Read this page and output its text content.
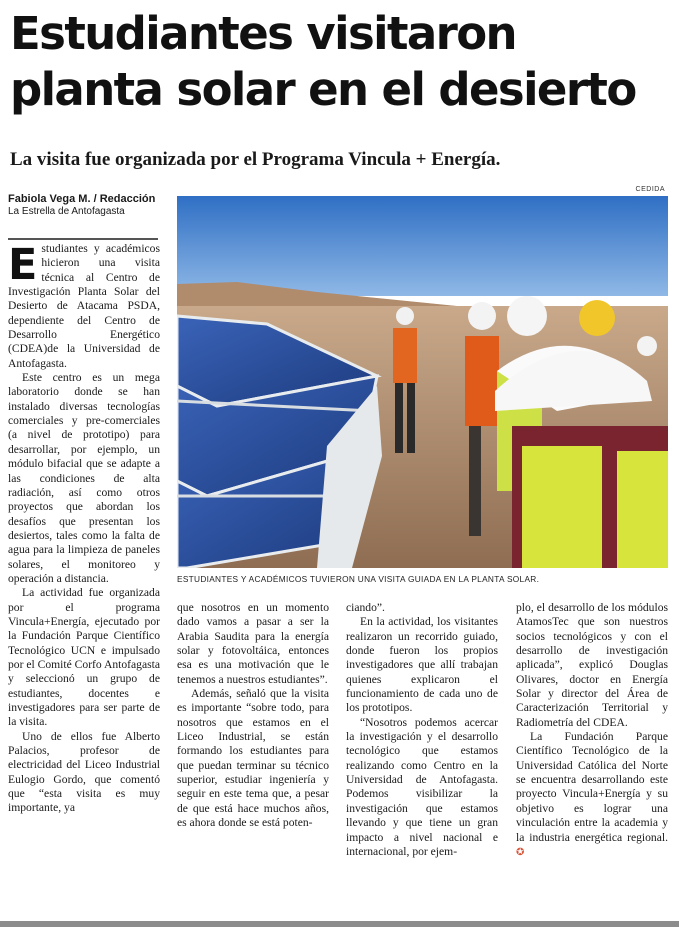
Estudiantes visitaron
planta solar en el desierto
La visita fue organizada por el Programa Vincula + Energía.
Fabiola Vega M. / Redacción
La Estrella de Antofagasta
CEDIDA
ESTUDIANTES Y ACADÉMICOS TUVIERON UNA VISITA GUIADA EN LA PLANTA SOLAR.

Estudiantes y académicos hicieron una visita técnica al Centro de Investigación Planta Solar del Desierto de Atacama PSDA, dependiente del Centro de Desarrollo Energético (CDEA)de la Universidad de Antofagasta.

Este centro es un mega laboratorio donde se han instalado diversas tecnologías comerciales y pre-comerciales (a nivel de prototipo) para desarrollar, por ejemplo, un módulo bifacial que se adapte a las condiciones de alta radiación, así como otros proyectos que abordan los desafíos que presentan los desiertos, tales como la falta de agua para la limpieza de paneles solares, el monitoreo y operación a distancia.

La actividad fue organizada por el programa Vincula+Energía, ejecutado por la Fundación Parque Científico Tecnológico UCN e impulsado por el Comité Corfo Antofagasta y seleccionó un grupo de estudiantes, docentes e investigadores para ser parte de la visita.

Uno de ellos fue Alberto Palacios, profesor de electricidad del Liceo Industrial Eulogio Gordo, que comentó que “esta visita es muy importante, ya

que nosotros en un momento dado vamos a pasar a ser la Arabia Saudita para la energía solar y fotovoltáica, entonces esa es una motivación que le tenemos a nuestros estudiantes”.

Además, señaló que la visita es importante “sobre todo, para nosotros que estamos en el Liceo Industrial, se están formando los estudiantes para que puedan terminar su técnico superior, estudiar ingeniería y seguir en este tema que, a pesar de que está hace muchos años, es ahora donde se está poten-

ciando”.

En la actividad, los visitantes realizaron un recorrido guiado, donde fueron los propios investigadores que allí trabajan quienes explicaron el funcionamiento de cada uno de los prototipos.

“Nosotros podemos acercar la investigación y el desarrollo tecnológico que estamos realizando como Centro en la Universidad de Antofagasta. Podemos visibilizar la investigación que estamos llevando y que tiene un gran impacto a nivel nacional e internacional, por ejem-

plo, el desarrollo de los módulos AtamosTec que son nuestros socios tecnológicos y con el desarrollo de investigación aplicada”, explicó Douglas Olivares, doctor en Energía Solar y director del Área de Caracterización Territorial y Radiometría del CDEA.

La Fundación Parque Científico Tecnológico de la Universidad Católica del Norte se encuentra desarrollando este proyecto Vincula+Energía y su objetivo es lograr una vinculación entre la academia y la industria energética regional. ✪
